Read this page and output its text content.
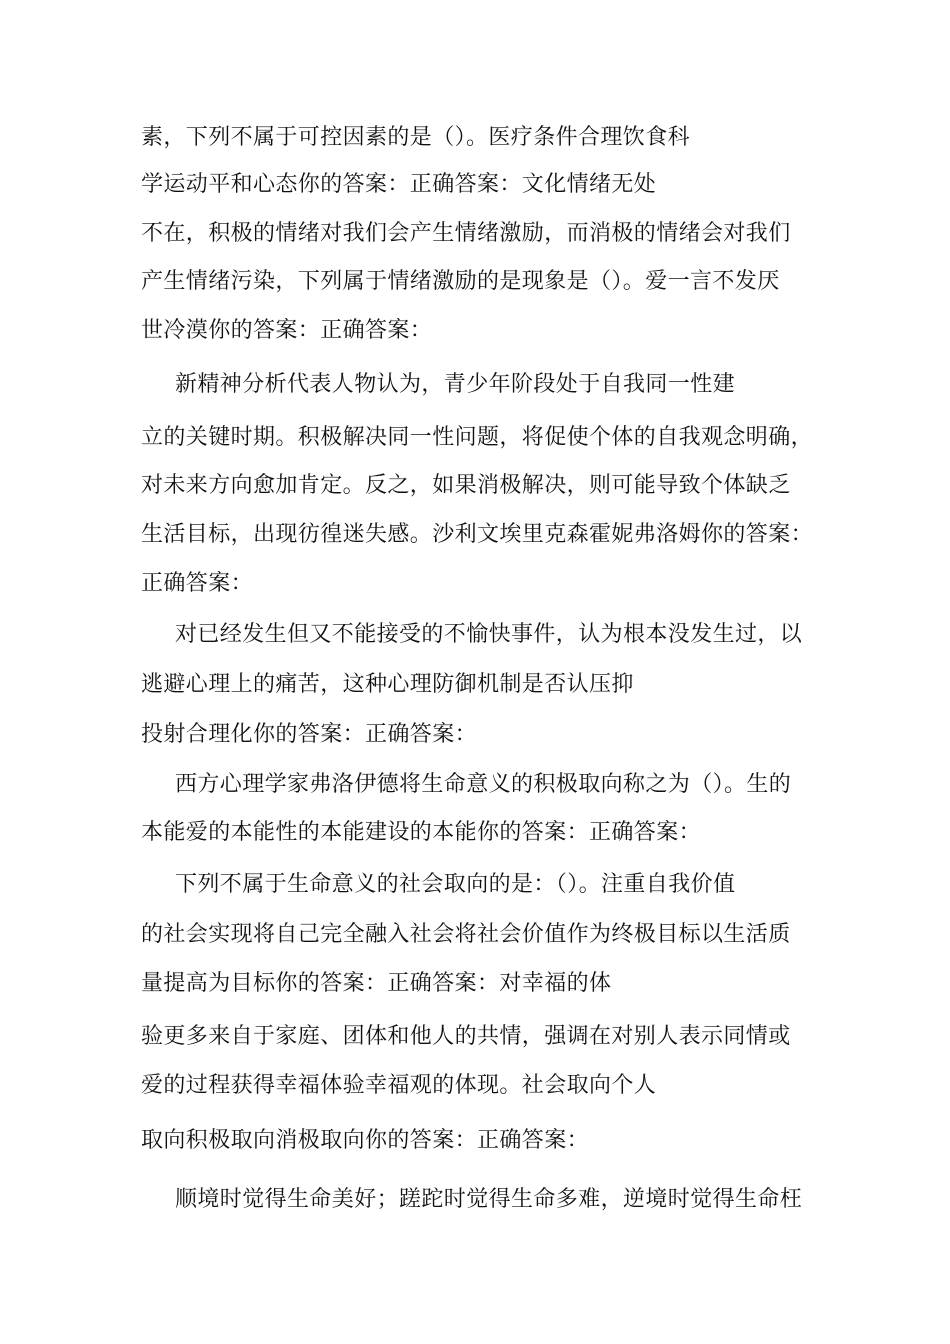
素，下列不属于可控因素的是（）。医疗条件合理饮食科
学运动平和心态你的答案：正确答案：文化情绪无处
不在，积极的情绪对我们会产生情绪激励，而消极的情绪会对我们
产生情绪污染，下列属于情绪激励的是现象是（）。爱一言不发厌
世冷漠你的答案：正确答案：
新精神分析代表人物认为，青少年阶段处于自我同一性建
立的关键时期。积极解决同一性问题，将促使个体的自我观念明确，
对未来方向愈加肯定。反之，如果消极解决，则可能导致个体缺乏
生活目标，出现彷徨迷失感。沙利文埃里克森霍妮弗洛姆你的答案：
正确答案：
对已经发生但又不能接受的不愉快事件，认为根本没发生过，以
逃避心理上的痛苦，这种心理防御机制是否认压抑
投射合理化你的答案：正确答案：
西方心理学家弗洛伊德将生命意义的积极取向称之为（）。生的
本能爱的本能性的本能建设的本能你的答案：正确答案：
下列不属于生命意义的社会取向的是：（）。注重自我价值
的社会实现将自己完全融入社会将社会价值作为终极目标以生活质
量提高为目标你的答案：正确答案：对幸福的体
验更多来自于家庭、团体和他人的共情，强调在对别人表示同情或
爱的过程获得幸福体验幸福观的体现。社会取向个人
取向积极取向消极取向你的答案：正确答案：
顺境时觉得生命美好；蹉跎时觉得生命多难，逆境时觉得生命枉
